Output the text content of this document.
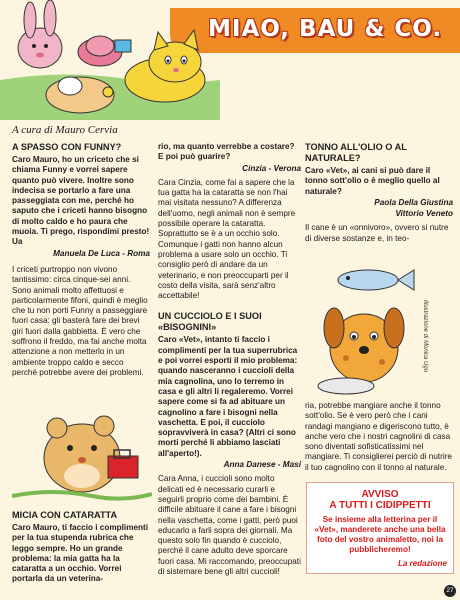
MIAO, BAU & CO.
A cura di Mauro Cervia
A SPASSO CON FUNNY?

Caro Mauro, ho un criceto che si chiama Funny e vorrei sapere quanto può vivere. Inoltre sono indecisa se portarlo a fare una passeggiata con me, perché ho saputo che i criceti hanno bisogno di molto caldo e ho paura che muoia. Ti prego, rispondimi presto! Ua

Manuela De Luca - Roma

I criceti purtroppo non vivono tantissimo: circa cinque-sei anni. Sono animali molto affettuosi e particolarmente fifoni, quindi è meglio che tu non porti Funny a passeggiare fuori casa: gli basterà fare dei brevi giri fuori dalla gabbietta. È vero che soffrono il freddo, ma fai anche molta attenzione a non metterlo in un ambiente troppo caldo e secco perché potrebbe avere dei problemi.

MICIA CON CATARATTA

Caro Mauro, ti faccio i complimenti per la tua stupenda rubrica che leggo sempre. Ho un grande problema: la mia gatta ha la cataratta a un occhio. Vorrei portarla da un veterina-

rio, ma quanto verrebbe a costare? E poi può guarire?

Cinzia - Verona

Cara Cinzia, come fai a sapere che la tua gatta ha la cataratta se non l'hai mai visitata nessuno? A differenza dell'uomo, negli animali non è sempre possibile operare la cataratta. Soprattutto se è a un occhio solo. Comunque i gatti non hanno alcun problema a usare solo un occhio. Ti consiglio però di andare da un veterinario, e non preoccuparti per il costo della visita, sarà senz'altro accettabile!

UN CUCCIOLO E I SUOI «BISOGNINI»

Caro «Vet», intanto ti faccio i complimenti per la tua superrubrica e poi vorrei esporti il mio problema: quando nasceranno i cuccioli della mia cagnolina, uno lo terremo in casa e gli altri li regaleremo. Vorrei sapere come si fa ad abituare un cagnolino a fare i bisogni nella vaschetta. E poi, il cucciolo sopravviverà in casa? (Altri ci sono morti perché li abbiamo lasciati all'aperto!).

Anna Danese - Masi

Cara Anna, i cuccioli sono molto delicati ed è necessario curarli e seguirli proprio come dei bambini. È difficile abituare il cane a fare i bisogni nella vaschetta, come i gatti, però puoi educarlo a farli sopra dei giornali. Ma questo solo fin quando è cucciolo, perché il cane adulto deve sporcare fuori casa. Mi raccomando, preoccupati di sistemare bene gli altri cuccioli!

TONNO ALL'OLIO O AL NATURALE?

Caro «Vet», ai cani si può dare il tonno sott'olio o è meglio quello al naturale?

Paola Della Giustina

Vittorio Veneto

Il cane è un «onnivoro», ovvero si nutre di diverse sostanze e, in teo-

Illustrazione di Monica Ugo

ria, potrebbe mangiare anche il tonno sott'olio. Se è vero però che i cani randagi mangiano e digeriscono tutto, è anche vero che i nostri cagnolini di casa sono diventati sofisticatissimi nel mangiare. Ti consiglierei perciò di nutrire il tuo cagnolino con il tonno al naturale.

AVVISO
A TUTTI I CIDIPPETTI

Se insieme alla letterina per il «Vet», manderete anche una bella foto del vostro animaletto, noi la pubblicheremo!

La redazione
27
